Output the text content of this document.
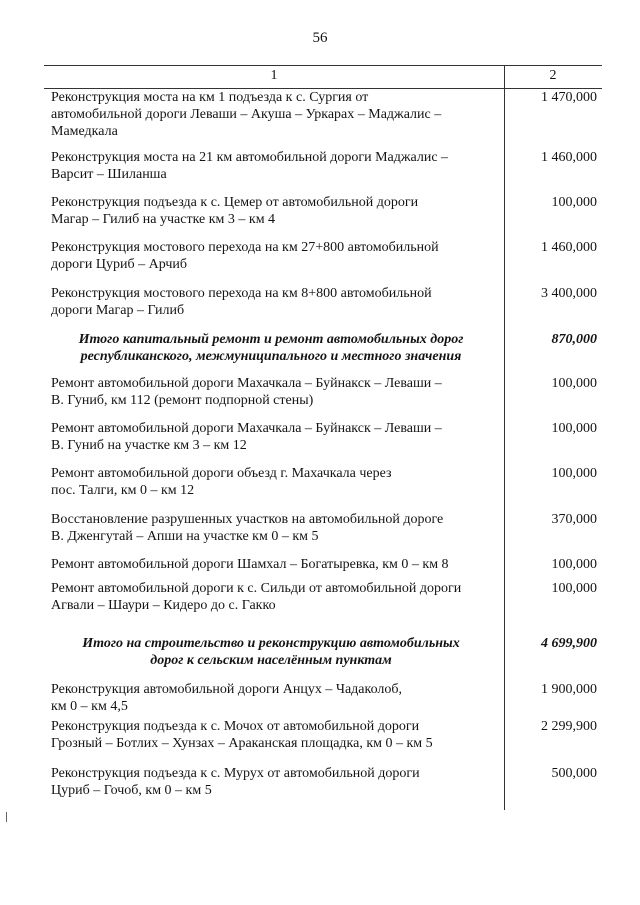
56
1	2
Реконструкция моста на км 1 подъезда к с. Сургия от
автомобильной дороги Леваши – Акуша – Уркарах – Маджалис –
Мамедкала
1 470,000
Реконструкция моста на 21 км автомобильной дороги Маджалис –
Варсит – Шиланша
1 460,000
Реконструкция подъезда к с. Цемер от автомобильной дороги
Магар – Гилиб на участке км 3 – км 4
100,000
Реконструкция мостового перехода на км 27+800 автомобильной
дороги Цуриб – Арчиб
1 460,000
Реконструкция мостового перехода на км 8+800 автомобильной
дороги Магар – Гилиб
3 400,000
Итого капитальный ремонт и ремонт автомобильных дорог
республиканского, межмуниципального и местного значения
870,000
Ремонт автомобильной дороги Махачкала – Буйнакск – Леваши –
В. Гуниб, км 112 (ремонт подпорной стены)
100,000
Ремонт автомобильной дороги Махачкала – Буйнакск – Леваши –
В. Гуниб на участке км 3 – км 12
100,000
Ремонт автомобильной дороги объезд г. Махачкала через
пос. Талги, км 0 – км 12
100,000
Восстановление разрушенных участков на автомобильной дороге
В. Дженгутай – Апши на участке км 0 – км 5
370,000
Ремонт автомобильной дороги Шамхал – Богатыревка, км 0 – км 8	100,000
Ремонт автомобильной дороги к с. Сильди от автомобильной дороги
Агвали – Шаури – Кидеро до с. Гакко
100,000
Итого на строительство и реконструкцию автомобильных
дорог к сельским населённым пунктам
4 699,900
Реконструкция автомобильной дороги Анцух – Чадаколоб,
км 0 – км 4,5
1 900,000
Реконструкция подъезда к с. Мочох от автомобильной дороги
Грозный – Ботлих – Хунзах – Араканская площадка, км 0 – км 5
2 299,900
Реконструкция подъезда к с. Мурух от автомобильной дороги
Цуриб – Гочоб, км 0 – км 5
500,000
